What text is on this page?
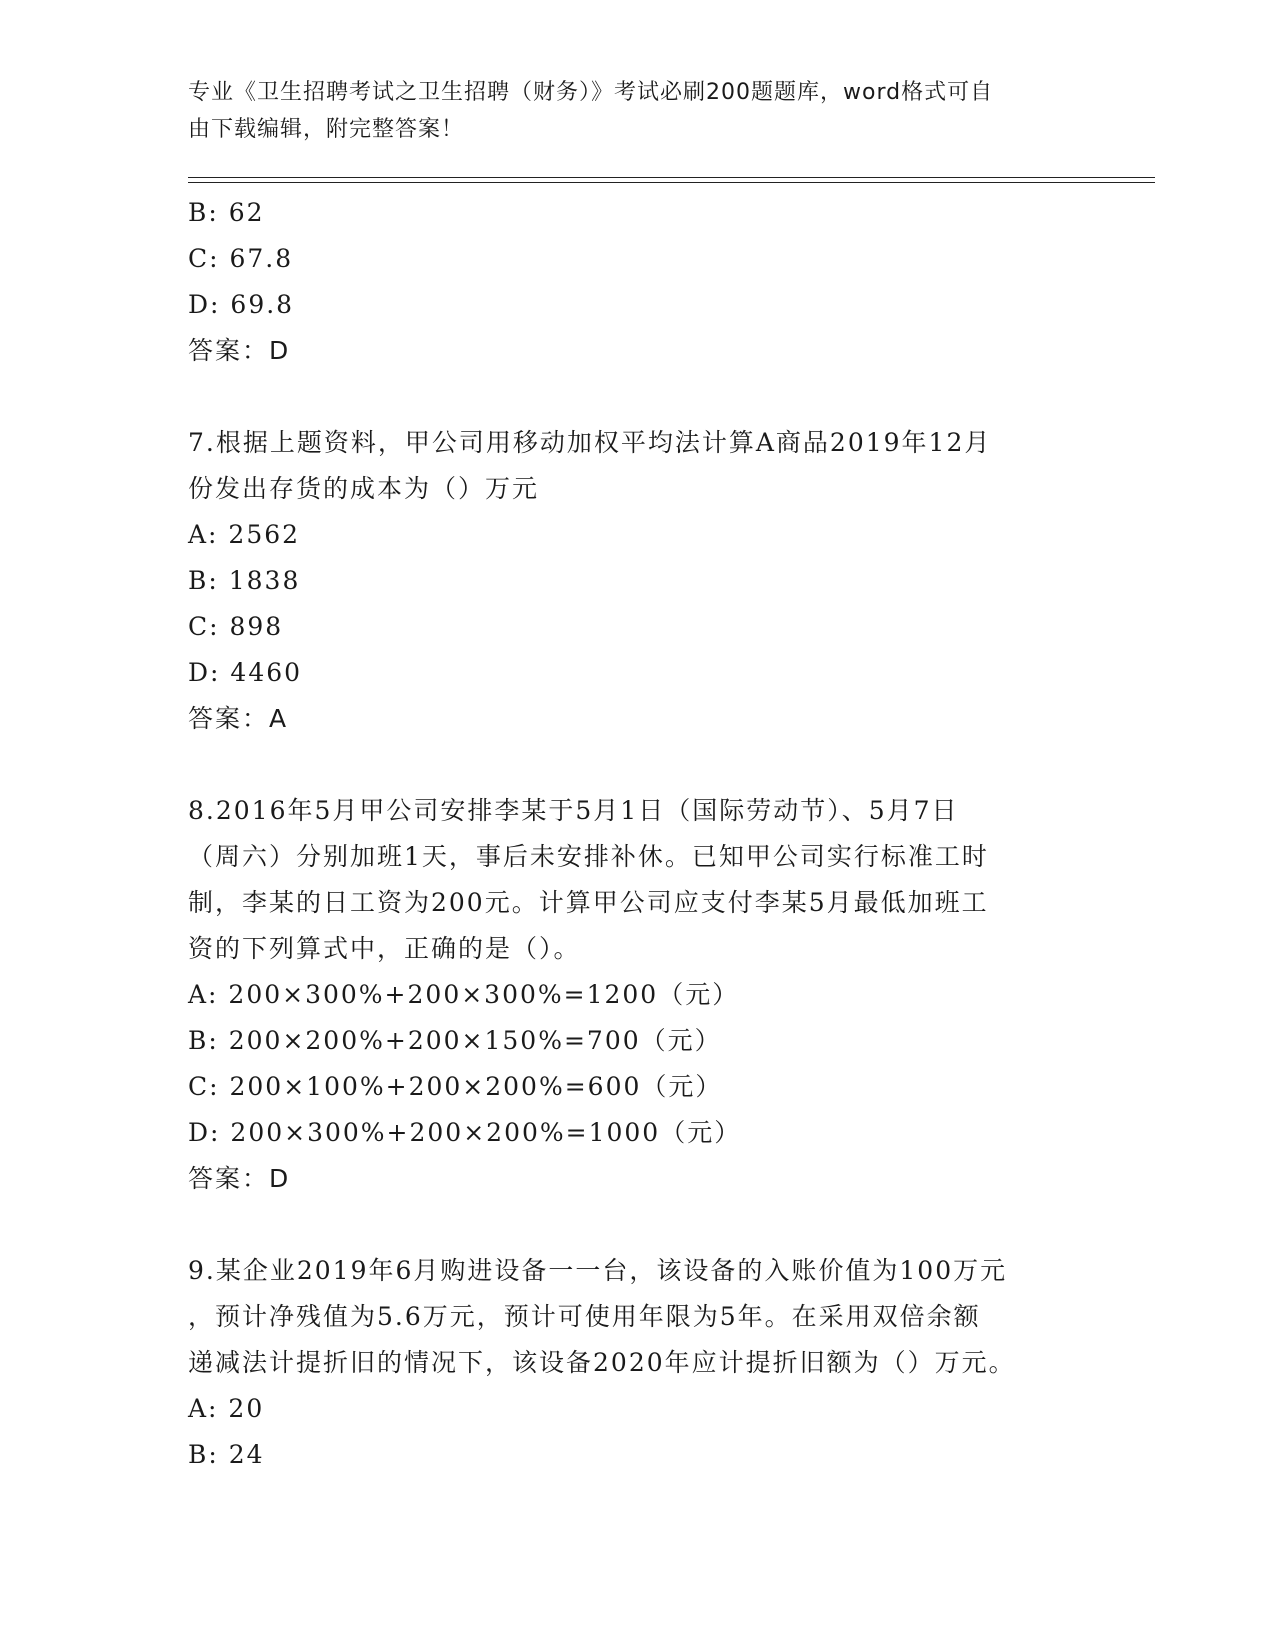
专业《卫生招聘考试之卫生招聘（财务）》考试必刷200题题库，word格式可自
由下载编辑，附完整答案！
B: 62
C: 67.8
D: 69.8
答案：D
7.根据上题资料，甲公司用移动加权平均法计算A商品2019年12月
份发出存货的成本为（）万元
A: 2562
B: 1838
C: 898
D: 4460
答案：A
8.2016年5月甲公司安排李某于5月1日（国际劳动节）、5月7日
（周六）分别加班1天，事后未安排补休。已知甲公司实行标准工时
制，李某的日工资为200元。计算甲公司应支付李某5月最低加班工
资的下列算式中，正确的是（）。
A: 200×300%+200×300%=1200（元）
B: 200×200%+200×150%=700（元）
C: 200×100%+200×200%=600（元）
D: 200×300%+200×200%=1000（元）
答案：D
9.某企业2019年6月购进设备一一台，该设备的入账价值为100万元
，预计净残值为5.6万元，预计可使用年限为5年。在采用双倍余额
递减法计提折旧的情况下，该设备2020年应计提折旧额为（）万元。
A: 20
B: 24
